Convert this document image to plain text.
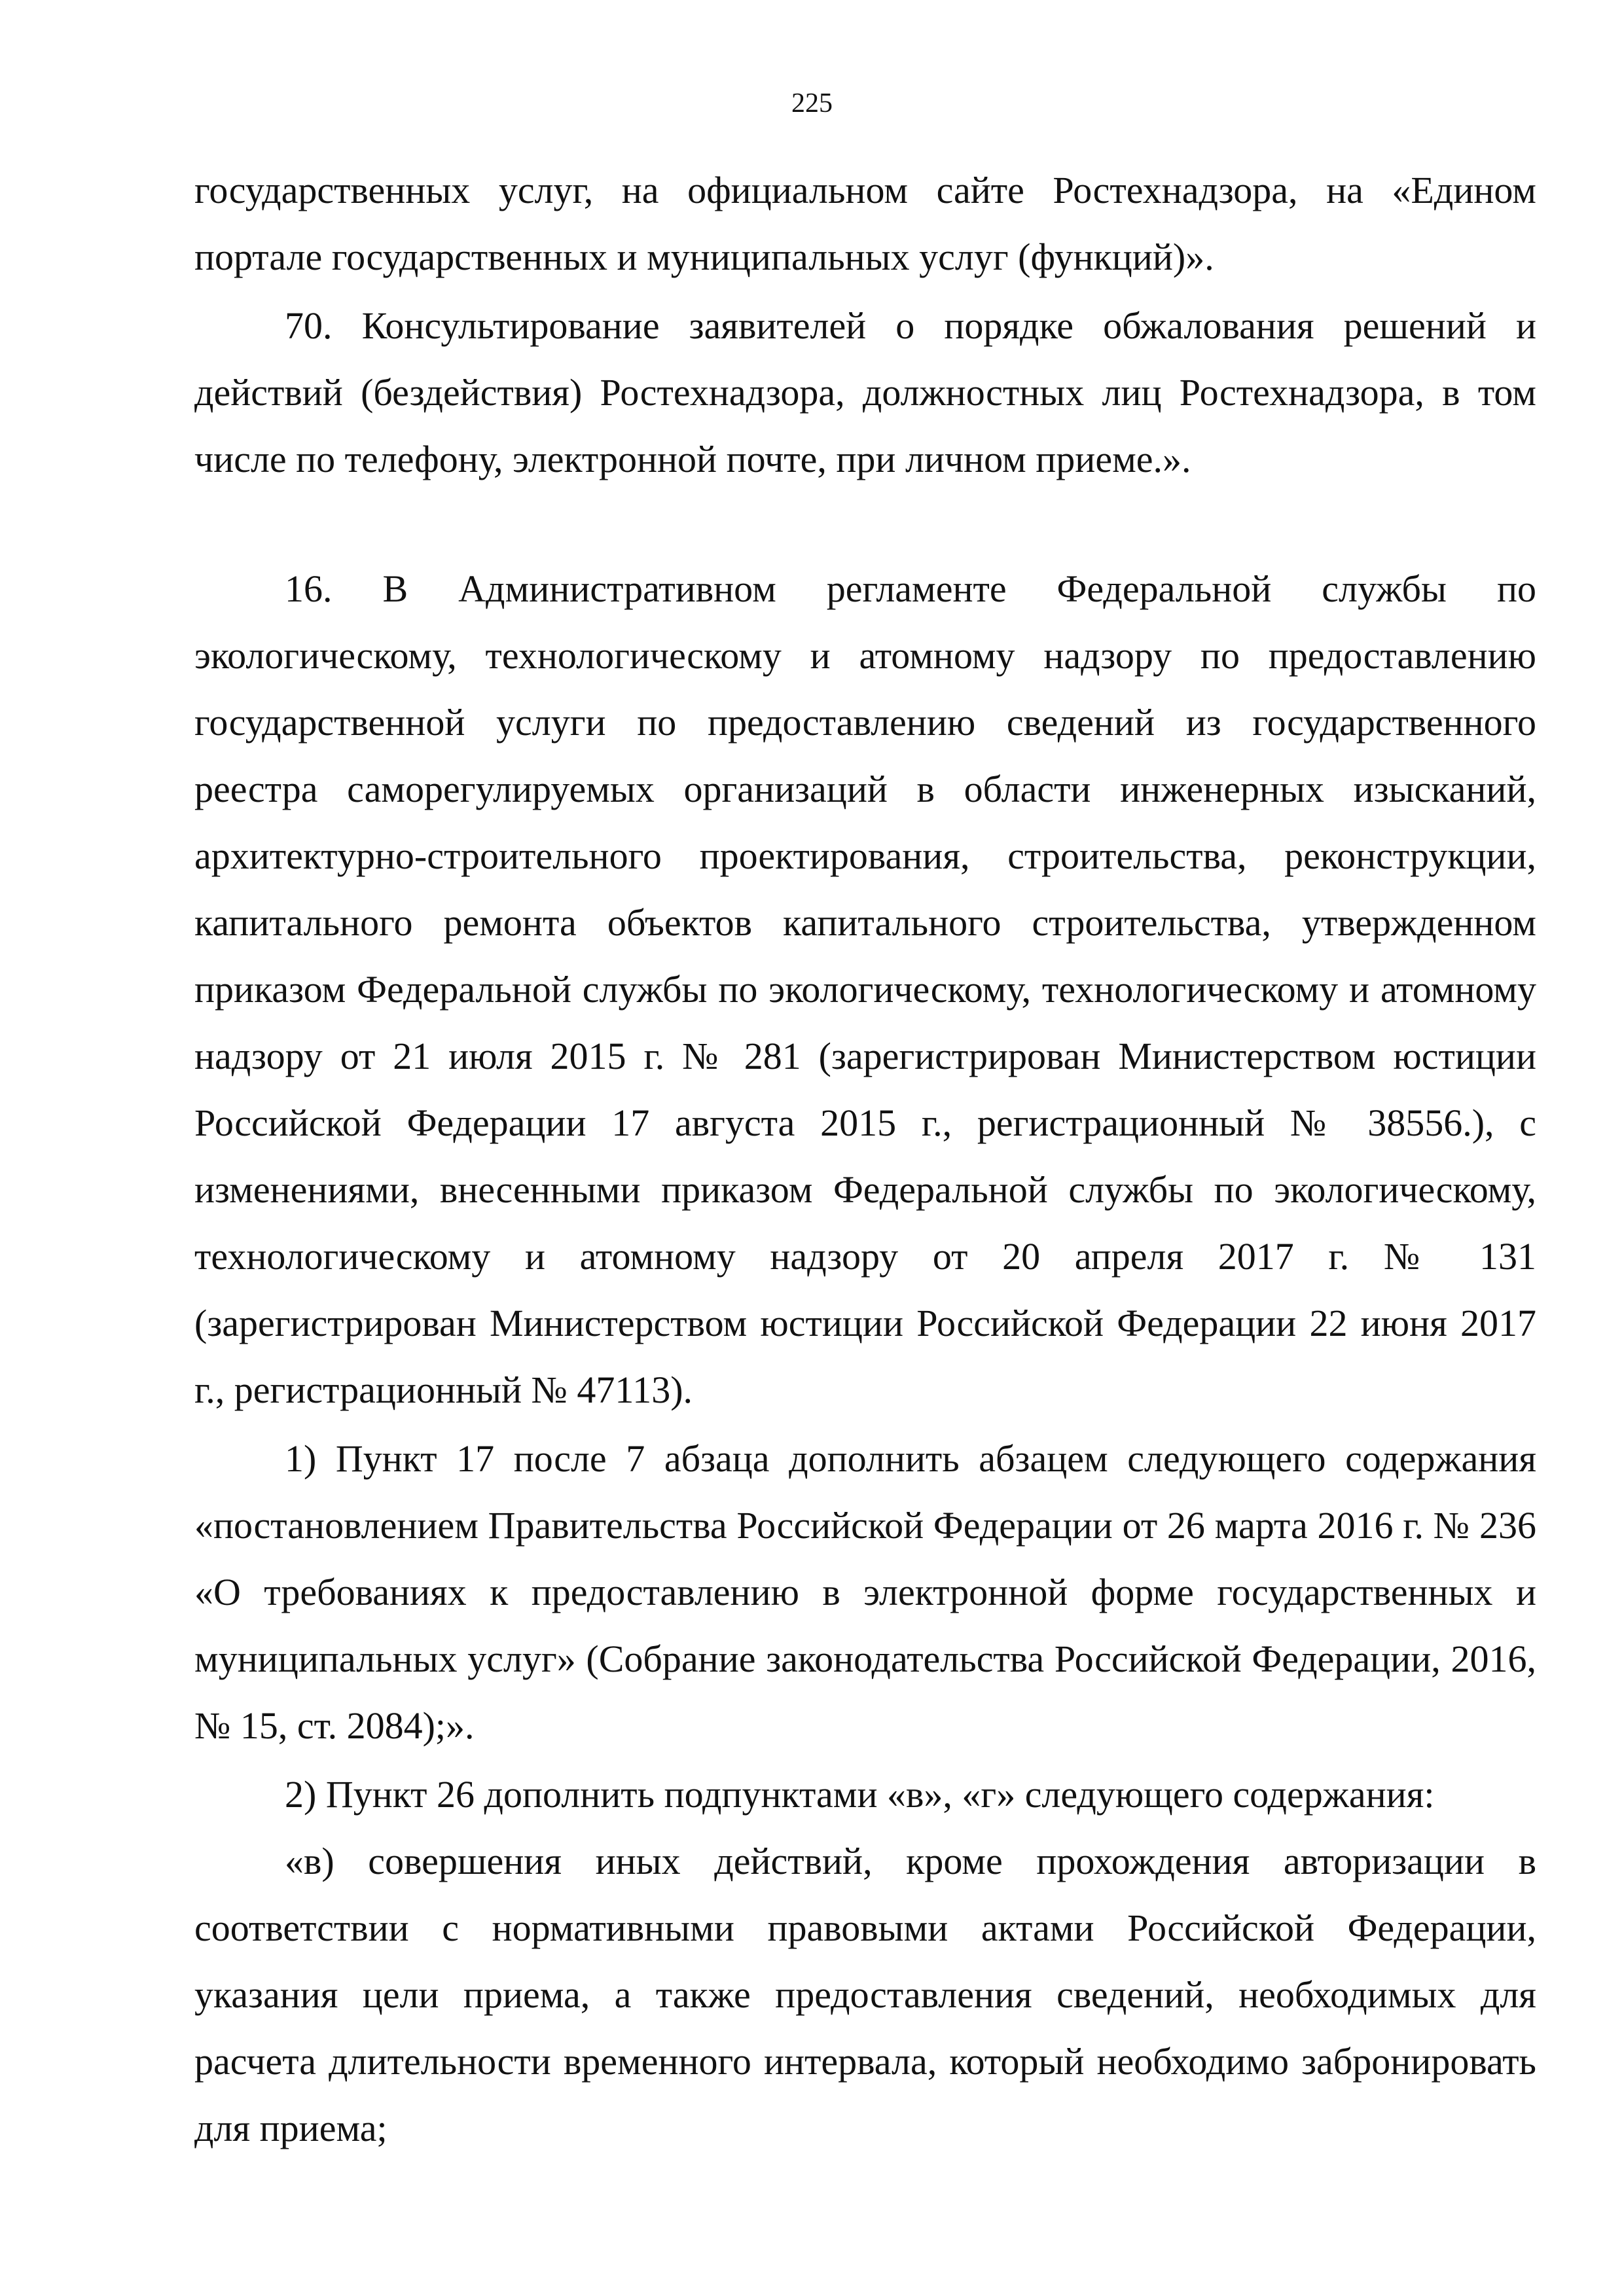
225

государственных услуг, на официальном сайте Ростехнадзора, на «Едином портале государственных и муниципальных услуг (функций)».

70. Консультирование заявителей о порядке обжалования решений и действий (бездействия) Ростехнадзора, должностных лиц Ростехнадзора, в том числе по телефону, электронной почте, при личном приеме.».

16. В Административном регламенте Федеральной службы по экологическому, технологическому и атомному надзору по предоставлению государственной услуги по предоставлению сведений из государственного реестра саморегулируемых организаций в области инженерных изысканий, архитектурно-строительного проектирования, строительства, реконструкции, капитального ремонта объектов капитального строительства, утвержденном приказом Федеральной службы по экологическому, технологическому и атомному надзору от 21 июля 2015 г. № 281 (зарегистрирован Министерством юстиции Российской Федерации 17 августа 2015 г., регистрационный № 38556.), с изменениями, внесенными приказом Федеральной службы по экологическому, технологическому и атомному надзору от 20 апреля 2017 г. № 131 (зарегистрирован Министерством юстиции Российской Федерации 22 июня 2017 г., регистрационный № 47113).

1) Пункт 17 после 7 абзаца дополнить абзацем следующего содержания «постановлением Правительства Российской Федерации от 26 марта 2016 г. № 236 «О требованиях к предоставлению в электронной форме государственных и муниципальных услуг» (Собрание законодательства Российской Федерации, 2016, № 15, ст. 2084);».

2) Пункт 26 дополнить подпунктами «в», «г» следующего содержания:

«в) совершения иных действий, кроме прохождения авторизации в соответствии с нормативными правовыми актами Российской Федерации, указания цели приема, а также предоставления сведений, необходимых для расчета длительности временного интервала, который необходимо забронировать для приема;
